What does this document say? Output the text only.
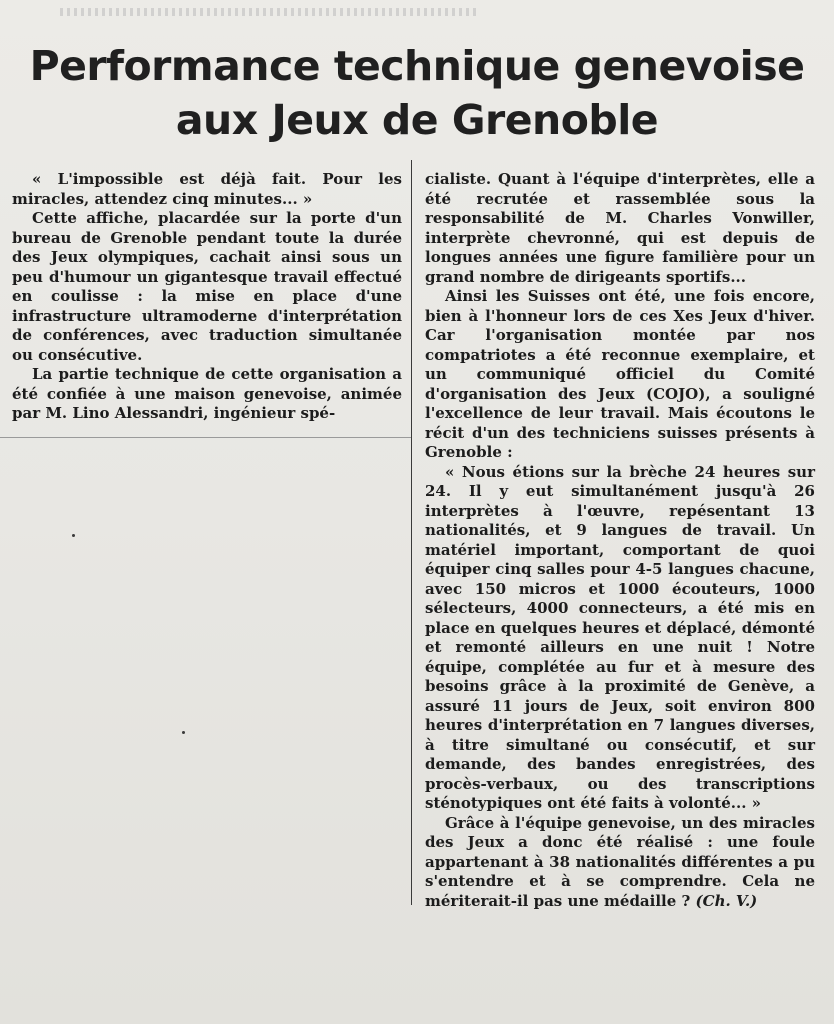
Performance technique genevoise
aux Jeux de Grenoble

« L'impossible est déjà fait. Pour les miracles, attendez cinq minutes... »

Cette affiche, placardée sur la porte d'un bureau de Grenoble pendant toute la durée des Jeux olympiques, cachait ainsi sous un peu d'humour un gigantesque travail effectué en coulisse : la mise en place d'une infrastructure ultramoderne d'interprétation de conférences, avec traduction simultanée ou consécutive.

La partie technique de cette organisation a été confiée à une maison genevoise, animée par M. Lino Alessandri, ingénieur spé-

cialiste. Quant à l'équipe d'interprètes, elle a été recrutée et rassemblée sous la responsabilité de M. Charles Vonwiller, interprète chevronné, qui est depuis de longues années une figure familière pour un grand nombre de dirigeants sportifs...

Ainsi les Suisses ont été, une fois encore, bien à l'honneur lors de ces Xes Jeux d'hiver. Car l'organisation montée par nos compatriotes a été reconnue exemplaire, et un communiqué officiel du Comité d'organisation des Jeux (COJO), a souligné l'excellence de leur travail. Mais écoutons le récit d'un des techniciens suisses présents à Grenoble :

« Nous étions sur la brèche 24 heures sur 24. Il y eut simultanément jusqu'à 26 interprètes à l'œuvre, repésentant 13 nationalités, et 9 langues de travail. Un matériel important, comportant de quoi équiper cinq salles pour 4-5 langues chacune, avec 150 micros et 1000 écouteurs, 1000 sélecteurs, 4000 connecteurs, a été mis en place en quelques heures et déplacé, démonté et remonté ailleurs en une nuit ! Notre équipe, complétée au fur et à mesure des besoins grâce à la proximité de Genève, a assuré 11 jours de Jeux, soit environ 800 heures d'interprétation en 7 langues diverses, à titre simultané ou consécutif, et sur demande, des bandes enregistrées, des procès-verbaux, ou des transcriptions sténotypiques ont été faits à volonté... »

Grâce à l'équipe genevoise, un des miracles des Jeux a donc été réalisé : une foule appartenant à 38 nationalités différentes a pu s'entendre et à se comprendre. Cela ne mériterait-il pas une médaille ? (Ch. V.)
